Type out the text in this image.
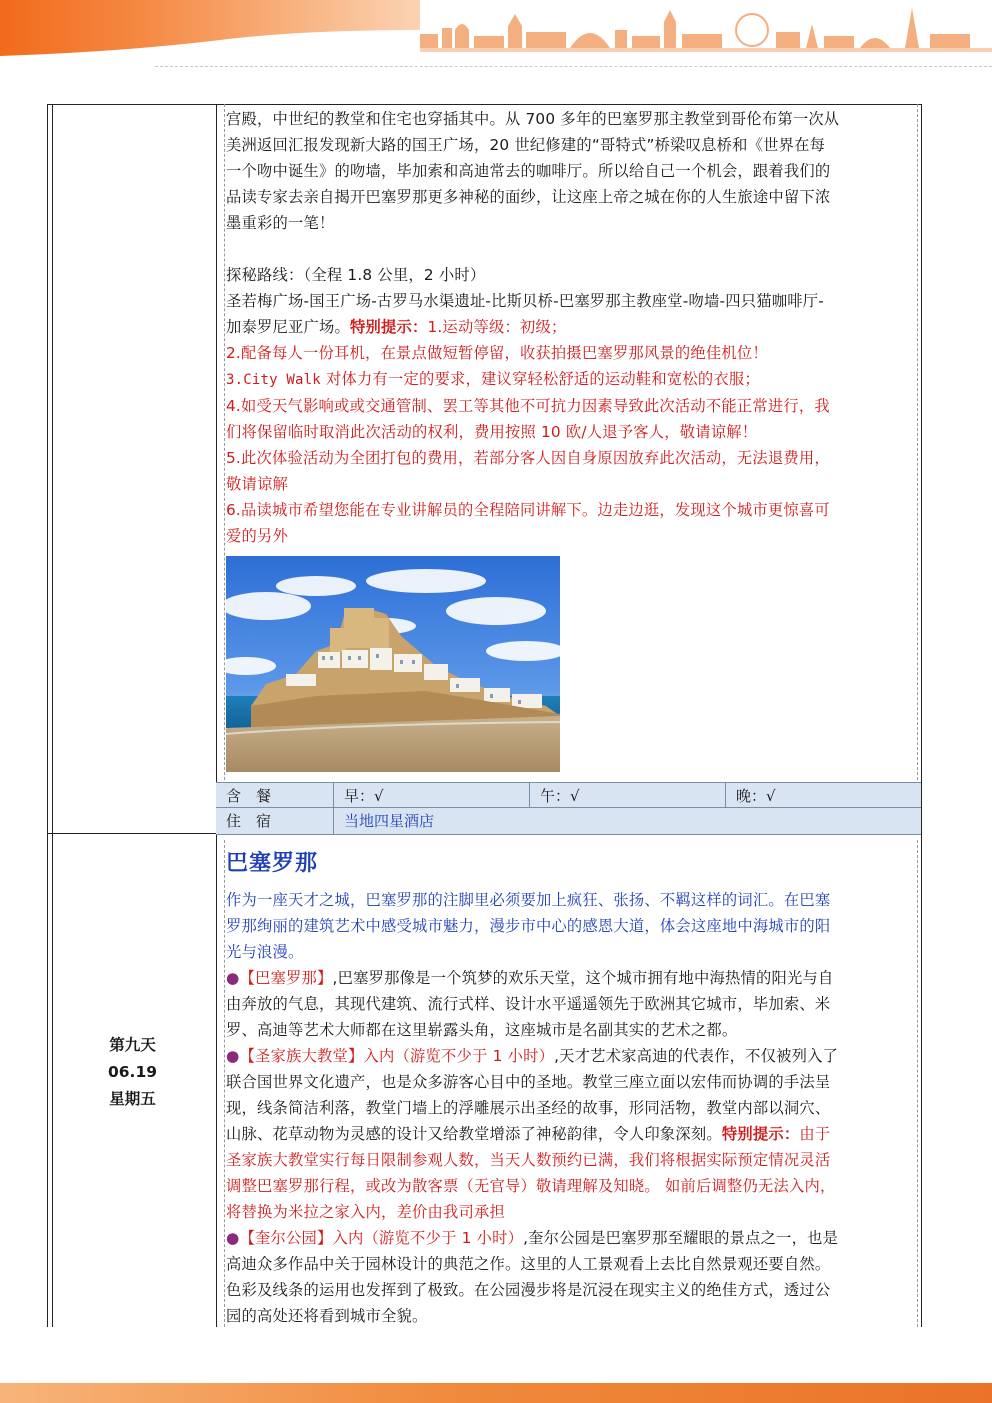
宫殿，中世纪的教堂和住宅也穿插其中。从 700 多年的巴塞罗那主教堂到哥伦布第一次从

美洲返回汇报发现新大路的国王广场，20 世纪修建的“哥特式”桥梁叹息桥和《世界在每

一个吻中诞生》的吻墙，毕加索和高迪常去的咖啡厅。所以给自己一个机会，跟着我们的

品读专家去亲自揭开巴塞罗那更多神秘的面纱，让这座上帝之城在你的人生旅途中留下浓

墨重彩的一笔！

探秘路线：（全程 1.8 公里，2 小时）

圣若梅广场-国王广场-古罗马水渠遗址-比斯贝桥-巴塞罗那主教座堂-吻墙-四只猫咖啡厅-

加泰罗尼亚广场。特别提示：1.运动等级：初级；

2.配备每人一份耳机，在景点做短暂停留，收获拍摄巴塞罗那风景的绝佳机位！

3.City Walk 对体力有一定的要求，建议穿轻松舒适的运动鞋和宽松的衣服；

4.如受天气影响或或交通管制、罢工等其他不可抗力因素导致此次活动不能正常进行，我

们将保留临时取消此次活动的权利，费用按照 10 欧/人退予客人，敬请谅解！

5.此次体验活动为全团打包的费用，若部分客人因自身原因放弃此次活动，无法退费用，

敬请谅解

6.品读城市希望您能在专业讲解员的全程陪同讲解下。边走边逛，发现这个城市更惊喜可

爱的另外

含　餐	早：√	午：√	晚：√
住　宿	当地四星酒店
第九天
06.19
星期五
巴塞罗那

作为一座天才之城，巴塞罗那的注脚里必须要加上疯狂、张扬、不羁这样的词汇。在巴塞

罗那绚丽的建筑艺术中感受城市魅力，漫步市中心的感恩大道，体会这座地中海城市的阳

光与浪漫。

●【巴塞罗那】,巴塞罗那像是一个筑梦的欢乐天堂，这个城市拥有地中海热情的阳光与自

由奔放的气息，其现代建筑、流行式样、设计水平遥遥领先于欧洲其它城市，毕加索、米

罗、高迪等艺术大师都在这里崭露头角，这座城市是名副其实的艺术之都。

●【圣家族大教堂】入内（游览不少于 1 小时）,天才艺术家高迪的代表作，不仅被列入了

联合国世界文化遗产，也是众多游客心目中的圣地。教堂三座立面以宏伟而协调的手法呈

现，线条简洁利落，教堂门墙上的浮雕展示出圣经的故事，形同活物，教堂内部以洞穴、

山脉、花草动物为灵感的设计又给教堂增添了神秘韵律，令人印象深刻。特别提示：由于

圣家族大教堂实行每日限制参观人数，当天人数预约已满，我们将根据实际预定情况灵活

调整巴塞罗那行程，或改为散客票（无官导）敬请理解及知晓。 如前后调整仍无法入内，

将替换为米拉之家入内，差价由我司承担

●【奎尔公园】入内（游览不少于 1 小时）,奎尔公园是巴塞罗那至耀眼的景点之一，也是

高迪众多作品中关于园林设计的典范之作。这里的人工景观看上去比自然景观还要自然。

色彩及线条的运用也发挥到了极致。在公园漫步将是沉浸在现实主义的绝佳方式，透过公

园的高处还将看到城市全貌。
